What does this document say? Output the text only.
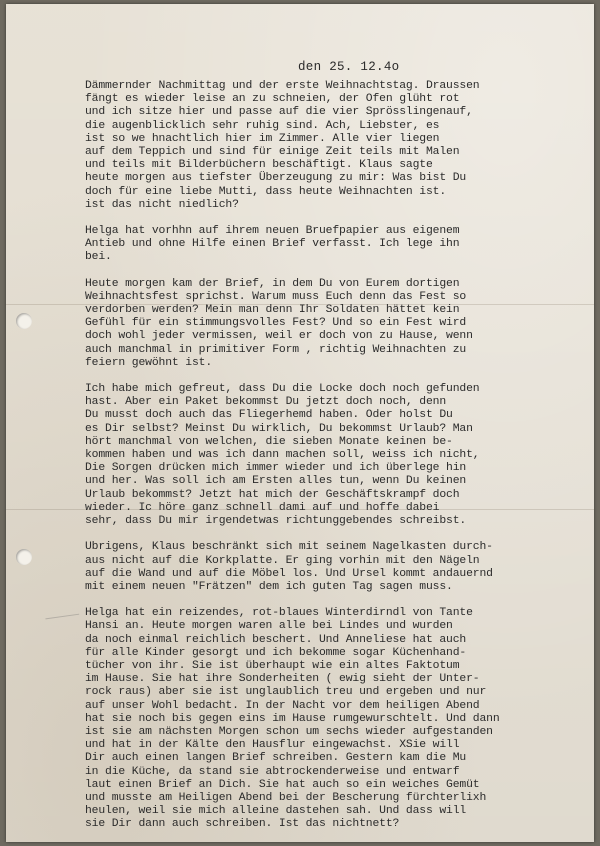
den 25. 12.4o
Dämmernder Nachmittag und der erste Weihnachtstag. Draussen
fängt es wieder leise an zu schneien, der Ofen glüht rot
und ich sitze hier und passe auf die vier Sprösslingenauf,
die augenblicklich sehr ruhig sind. Ach, Liebster, es
ist so we hnachtlich hier im Zimmer. Alle vier liegen
auf dem Teppich und sind für einige Zeit teils mit Malen
und teils mit Bilderbüchern beschäftigt. Klaus sagte
heute morgen aus tiefster Überzeugung zu mir: Was bist Du
doch für eine liebe Mutti, dass heute Weihnachten ist.
ist das nicht niedlich?
Helga hat vorhhn auf ihrem neuen Bruefpapier aus eigenem
Antieb und ohne Hilfe einen Brief verfasst. Ich lege ihn
bei.
Heute morgen kam der Brief, in dem Du von Eurem dortigen
Weihnachtsfest sprichst. Warum muss Euch denn das Fest so
verdorben werden? Mein man denn Ihr Soldaten hättet kein
Gefühl für ein stimmungsvolles Fest? Und so ein Fest wird
doch wohl jeder vermissen, weil er doch von zu Hause, wenn
auch manchmal in primitiver Form , richtig Weihnachten zu
feiern gewöhnt ist.
Ich habe mich gefreut, dass Du die Locke doch noch gefunden
hast. Aber ein Paket bekommst Du jetzt doch noch, denn
Du musst doch auch das Fliegerhemd haben. Oder holst Du
es Dir selbst? Meinst Du wirklich, Du bekommst Urlaub? Man
hört manchmal von welchen, die sieben Monate keinen be-
kommen haben und was ich dann machen soll, weiss ich nicht,
Die Sorgen drücken mich immer wieder und ich überlege hin
und her. Was soll ich am Ersten alles tun, wenn Du keinen
Urlaub bekommst? Jetzt hat mich der Geschäftskrampf doch
wieder. Ic höre ganz schnell dami auf und hoffe dabei
sehr, dass Du mir irgendetwas richtunggebendes schreibst.
Ubrigens, Klaus beschränkt sich mit seinem Nagelkasten durch-
aus nicht auf die Korkplatte. Er ging vorhin mit den Nägeln
auf die Wand und auf die Möbel los. Und Ursel kommt andauernd
mit einem neuen "Frätzen" dem ich guten Tag sagen muss.
Helga hat ein reizendes, rot-blaues Winterdirndl von Tante
Hansi an. Heute morgen waren alle bei Lindes und wurden
da noch einmal reichlich beschert. Und Anneliese hat auch
für alle Kinder gesorgt und ich bekomme sogar Küchenhand-
tücher von ihr. Sie ist überhaupt wie ein altes Faktotum
im Hause. Sie hat ihre Sonderheiten ( ewig sieht der Unter-
rock raus) aber sie ist unglaublich treu und ergeben und nur
auf unser Wohl bedacht. In der Nacht vor dem heiligen Abend
hat sie noch bis gegen eins im Hause rumgewurschtelt. Und dann
ist sie am nächsten Morgen schon um sechs wieder aufgestanden
und hat in der Kälte den Hausflur eingewachst. XSie will
Dir auch einen langen Brief schreiben. Gestern kam die Mu
in die Küche, da stand sie abtrockenderweise und entwarf
laut einen Brief an Dich. Sie hat auch so ein weiches Gemüt
und musste am Heiligen Abend bei der Bescherung fürchterlixh
heulen, weil sie mich alleine dastehen sah. Und dass will
sie Dir dann auch schreiben. Ist das nichtnett?
